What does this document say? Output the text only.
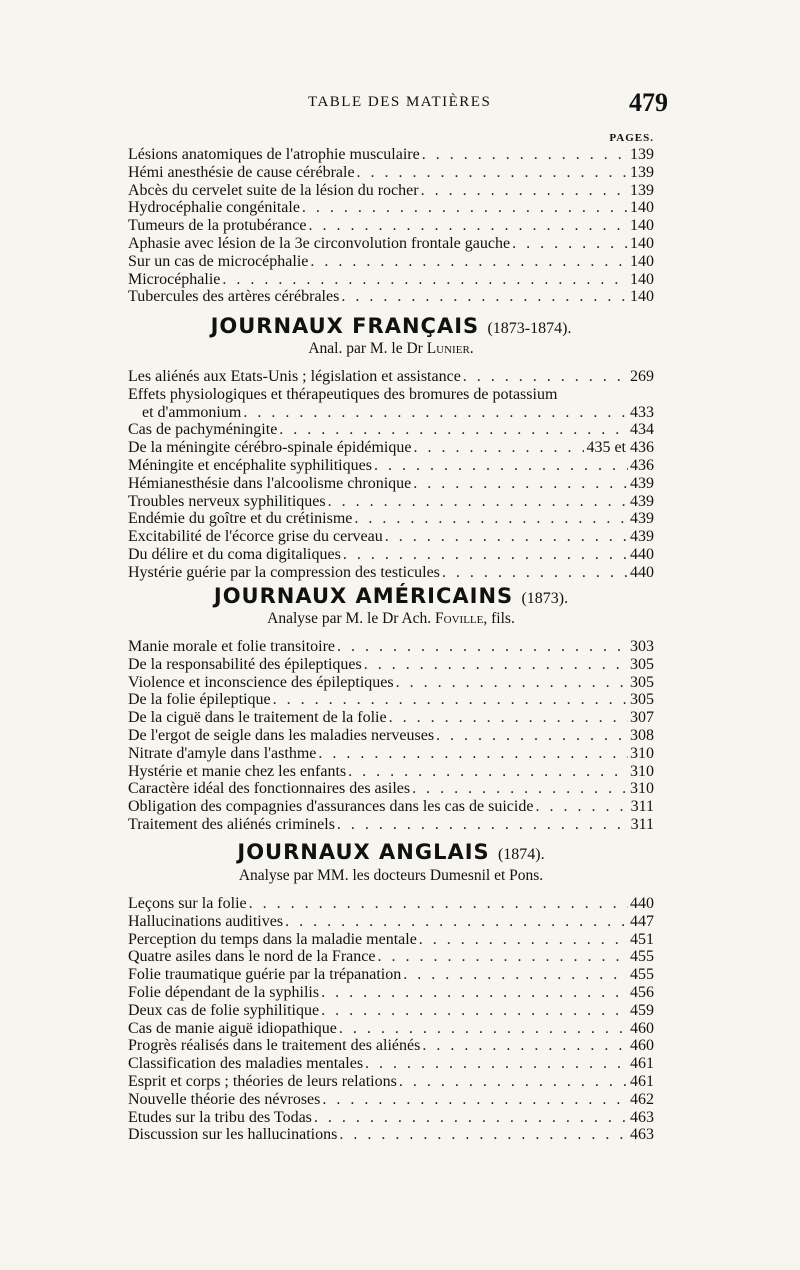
TABLE DES MATIÈRES	479
PAGES.
Lésions anatomiques de l'atrophie musculaire . . .	139
Hémi anesthésie de cause cérébrale . . .	139
Abcès du cervelet suite de la lésion du rocher . . .	139
Hydrocéphalie congénitale . . .	140
Tumeurs de la protubérance . . .	140
Aphasie avec lésion de la 3e circonvolution frontale gauche . . .	140
Sur un cas de microcéphalie . . .	140
Microcéphalie . . .	140
Tubercules des artères cérébrales . . .	140
JOURNAUX FRANÇAIS (1873-1874).
Anal. par M. le Dr Lunier.
Les aliénés aux Etats-Unis ; législation et assistance . . .	269
Effets physiologiques et thérapeutiques des bromures de potassium
et d'ammonium . . .	433
Cas de pachyméningite . . .	434
De la méningite cérébro-spinale épidémique . . .	435 et 436
Méningite et encéphalite syphilitiques . . .	436
Hémianesthésie dans l'alcoolisme chronique . . .	439
Troubles nerveux syphilitiques . . .	439
Endémie du goître et du crétinisme . . .	439
Excitabilité de l'écorce grise du cerveau . . .	439
Du délire et du coma digitaliques . . .	440
Hystérie guérie par la compression des testicules . . .	440
JOURNAUX AMÉRICAINS (1873).
Analyse par M. le Dr Ach. Foville, fils.
Manie morale et folie transitoire . . .	303
De la responsabilité des épileptiques . . .	305
Violence et inconscience des épileptiques . . .	305
De la folie épileptique . . .	305
De la ciguë dans le traitement de la folie . . .	307
De l'ergot de seigle dans les maladies nerveuses . . .	308
Nitrate d'amyle dans l'asthme . . .	310
Hystérie et manie chez les enfants . . .	310
Caractère idéal des fonctionnaires des asiles . . .	310
Obligation des compagnies d'assurances dans les cas de suicide . . .	311
Traitement des aliénés criminels . . .	311
JOURNAUX ANGLAIS (1874).
Analyse par MM. les docteurs Dumesnil et Pons.
Leçons sur la folie . . .	440
Hallucinations auditives . . .	447
Perception du temps dans la maladie mentale . . .	451
Quatre asiles dans le nord de la France . . .	455
Folie traumatique guérie par la trépanation . . .	455
Folie dépendant de la syphilis . . .	456
Deux cas de folie syphilitique . . .	459
Cas de manie aiguë idiopathique . . .	460
Progrès réalisés dans le traitement des aliénés . . .	460
Classification des maladies mentales . . .	461
Esprit et corps ; théories de leurs relations . . .	461
Nouvelle théorie des névroses . . .	462
Etudes sur la tribu des Todas . . .	463
Discussion sur les hallucinations . . .	463
